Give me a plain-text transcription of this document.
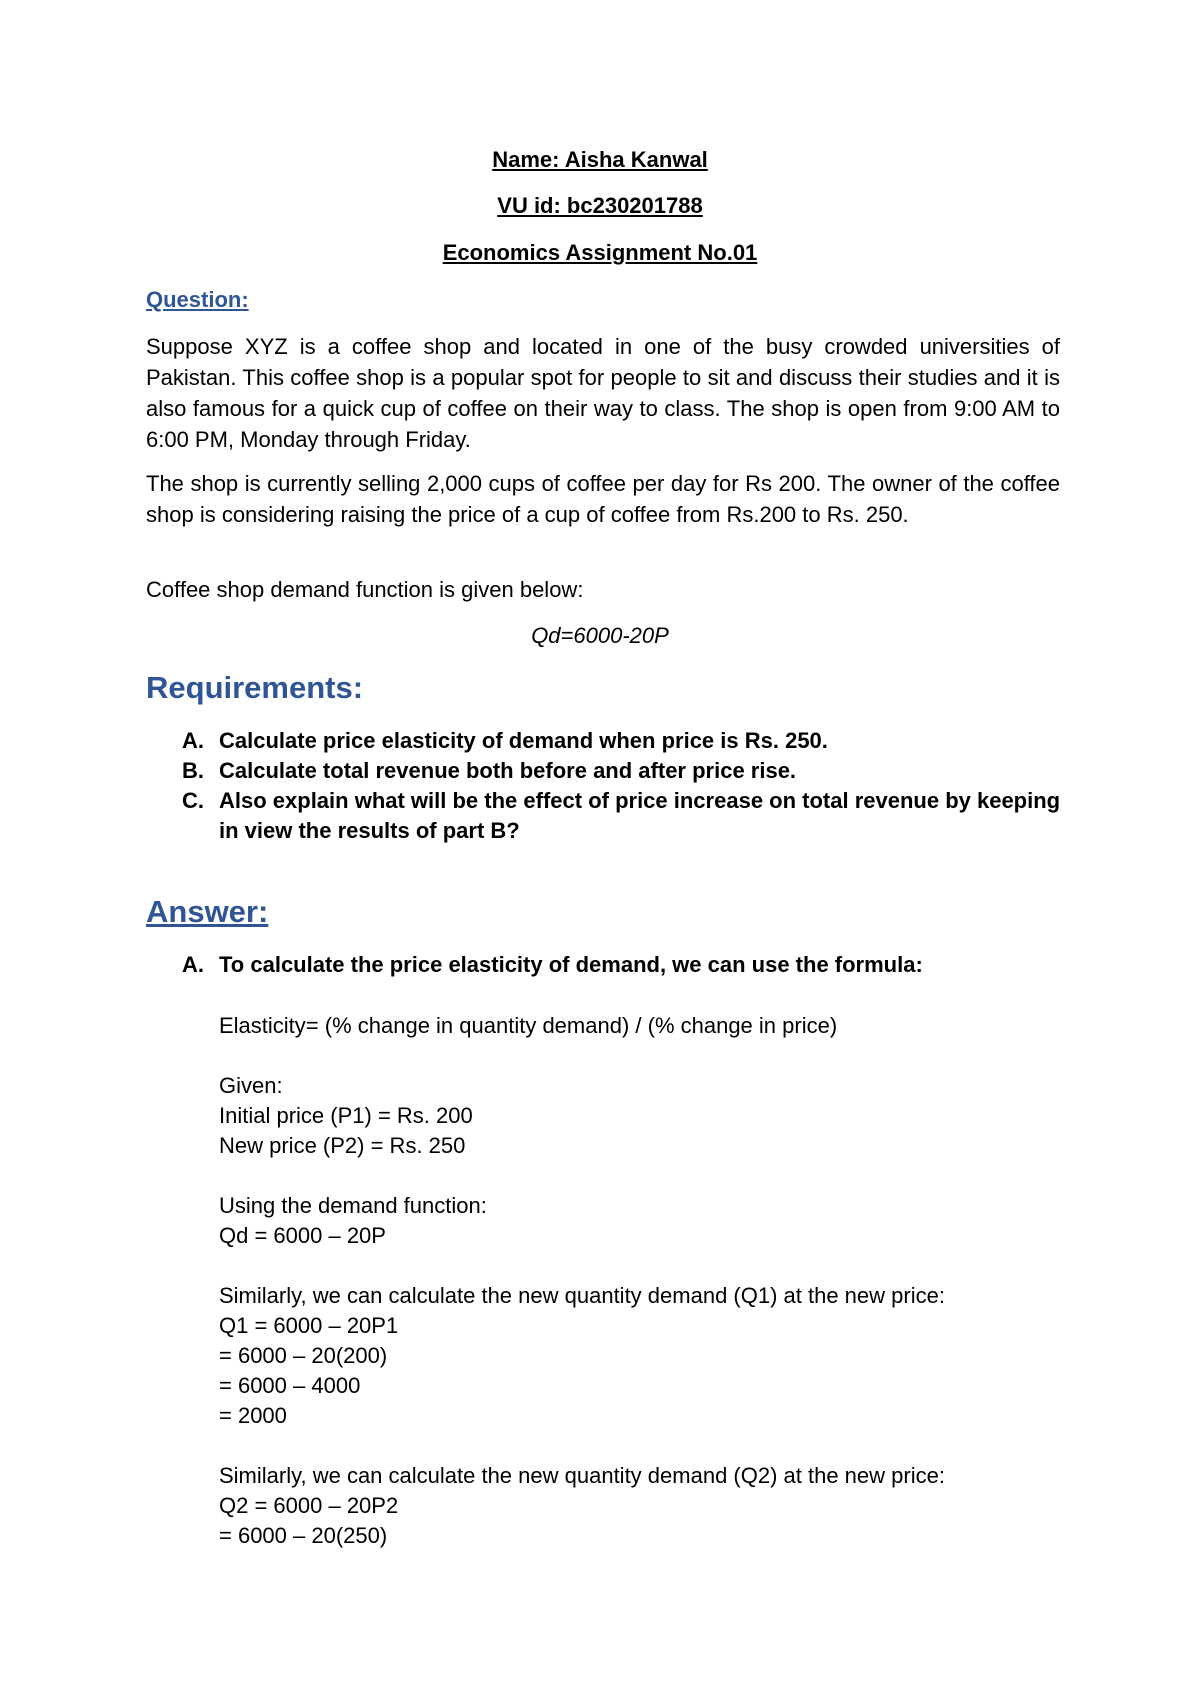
Name: Aisha Kanwal
VU id: bc230201788
Economics Assignment No.01
Question:

Suppose XYZ is a coffee shop and located in one of the busy crowded universities of Pakistan. This coffee shop is a popular spot for people to sit and discuss their studies and it is also famous for a quick cup of coffee on their way to class. The shop is open from 9:00 AM to 6:00 PM, Monday through Friday.

The shop is currently selling 2,000 cups of coffee per day for Rs 200. The owner of the coffee shop is considering raising the price of a cup of coffee from Rs.200 to Rs. 250.

Coffee shop demand function is given below:

Qd=6000-20P
Requirements:
A. Calculate price elasticity of demand when price is Rs. 250.
B. Calculate total revenue both before and after price rise.
C. Also explain what will be the effect of price increase on total revenue by keeping in view the results of part B?
Answer:
A. To calculate the price elasticity of demand, we can use the formula:
Elasticity= (% change in quantity demand) / (% change in price)
Given:
Initial price (P1) = Rs. 200
New price (P2) = Rs. 250
Using the demand function:
Qd = 6000 – 20P
Similarly, we can calculate the new quantity demand (Q1) at the new price:
Q1 = 6000 – 20P1
= 6000 – 20(200)
= 6000 – 4000
= 2000
Similarly, we can calculate the new quantity demand (Q2) at the new price:
Q2 = 6000 – 20P2
= 6000 – 20(250)
